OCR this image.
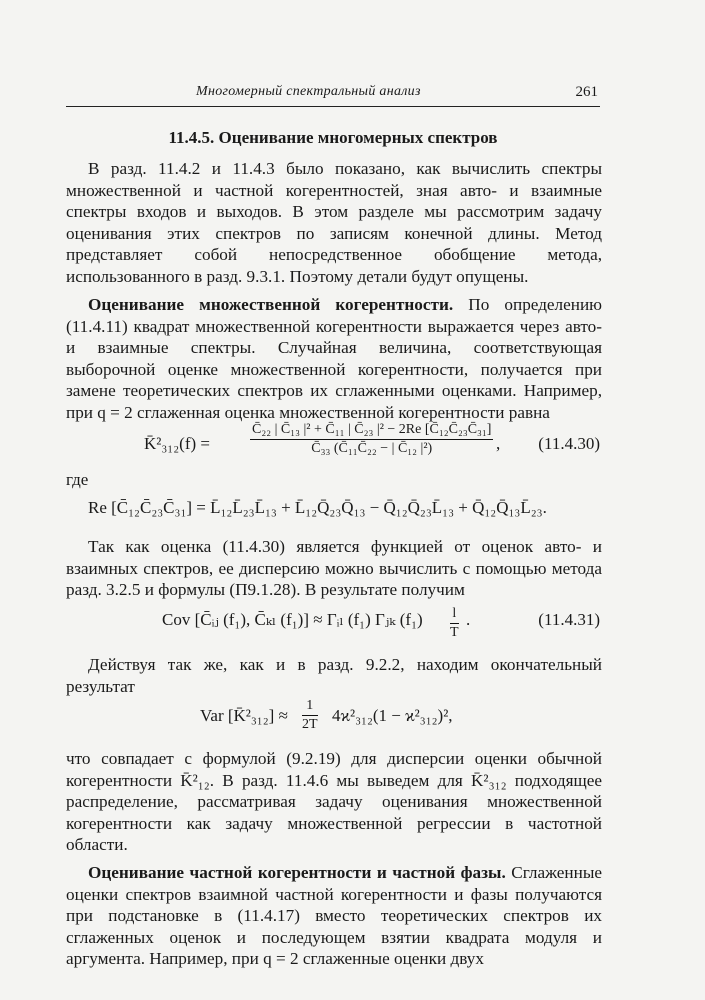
Многомерный спектральный анализ	261
11.4.5. Оценивание многомерных спектров

В разд. 11.4.2 и 11.4.3 было показано, как вычислить спектры множественной и частной когерентностей, зная авто- и взаимные спектры входов и выходов. В этом разделе мы рассмотрим задачу оценивания этих спектров по записям конечной длины. Метод представляет собой непосредственное обобщение метода, использованного в разд. 9.3.1. Поэтому детали будут опущены.

Оценивание множественной когерентности. По определению (11.4.11) квадрат множественной когерентности выражается через авто- и взаимные спектры. Случайная величина, соответствующая выборочной оценке множественной когерентности, получается при замене теоретических спектров их сглаженными оценками. Например, при q = 2 сглаженная оценка множественной когерентности равна

K̄²₃₁₂(f) =	$\frac{\text{C̄₂₂ | C̄₁₃ |² + C̄₁₁ | C̄₂₃ |² − 2Re [C̄₁₂C̄₂₃C̄₃₁]}}{\text{C̄₃₃ (C̄₁₁C̄₂₂ − | C̄₁₂ |²)}}$ , (11.4.30)
где
Re [C̄₁₂C̄₂₃C̄₃₁] = L̄₁₂L̄₂₃L̄₁₃ + L̄₁₂Q̄₂₃Q̄₁₃ − Q̄₁₂Q̄₂₃L̄₁₃ + Q̄₁₂Q̄₁₃L̄₂₃.

Так как оценка (11.4.30) является функцией от оценок авто- и взаимных спектров, ее дисперсию можно вычислить с помощью метода разд. 3.2.5 и формулы (П9.1.28). В результате получим

Cov [C̄ᵢⱼ (f₁), C̄ₖₗ (f₁)] ≈ Γᵢₗ (f₁) Γⱼₖ $(f_1) \frac{l}{T}$ .	(11.4.31)

Действуя так же, как и в разд. 9.2.2, находим окончательный результат

Var [K̄²₃₁₂] ≈ $\frac{1}{2T} 4ϰ^2_{312}(1 - ϰ^2_{312})^2$,

что совпадает с формулой (9.2.19) для дисперсии оценки обычной когерентности K̄²₁₂. В разд. 11.4.6 мы выведем для K̄²₃₁₂ подходящее распределение, рассматривая задачу оценивания множественной когерентности как задачу множественной регрессии в частотной области.

Оценивание частной когерентности и частной фазы. Сглаженные оценки спектров взаимной частной когерентности и фазы получаются при подстановке в (11.4.17) вместо теоретических спектров их сглаженных оценок и последующем взятии квадрата модуля и аргумента. Например, при q = 2 сглаженные оценки двух
